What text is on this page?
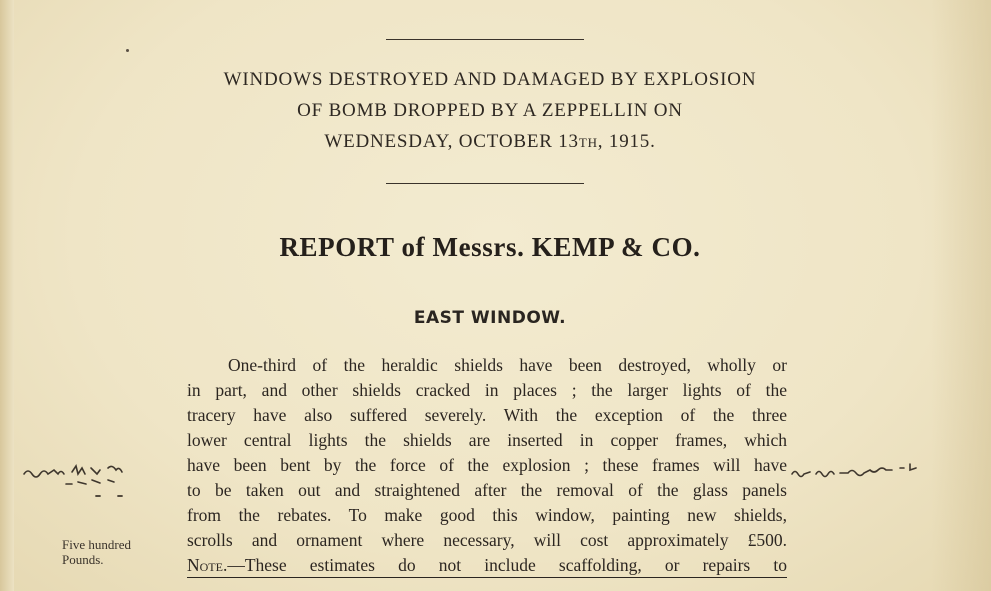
WINDOWS DESTROYED AND DAMAGED BY EXPLOSION
OF BOMB DROPPED BY A ZEPPELLIN ON
WEDNESDAY, OCTOBER 13TH, 1915.
REPORT of Messrs. KEMP & CO.
EAST WINDOW.
One-third of the heraldic shields have been destroyed, wholly or
in part, and other shields cracked in places ; the larger lights of the
tracery have also suffered severely. With the exception of the three
lower central lights the shields are inserted in copper frames, which
have been bent by the force of the explosion ; these frames will have
to be taken out and straightened after the removal of the glass panels
from the rebates. To make good this window, painting new shields,
scrolls and ornament where necessary, will cost approximately £500.
Note.—These estimates do not include scaffolding, or repairs to
Five hundred
Pounds.
